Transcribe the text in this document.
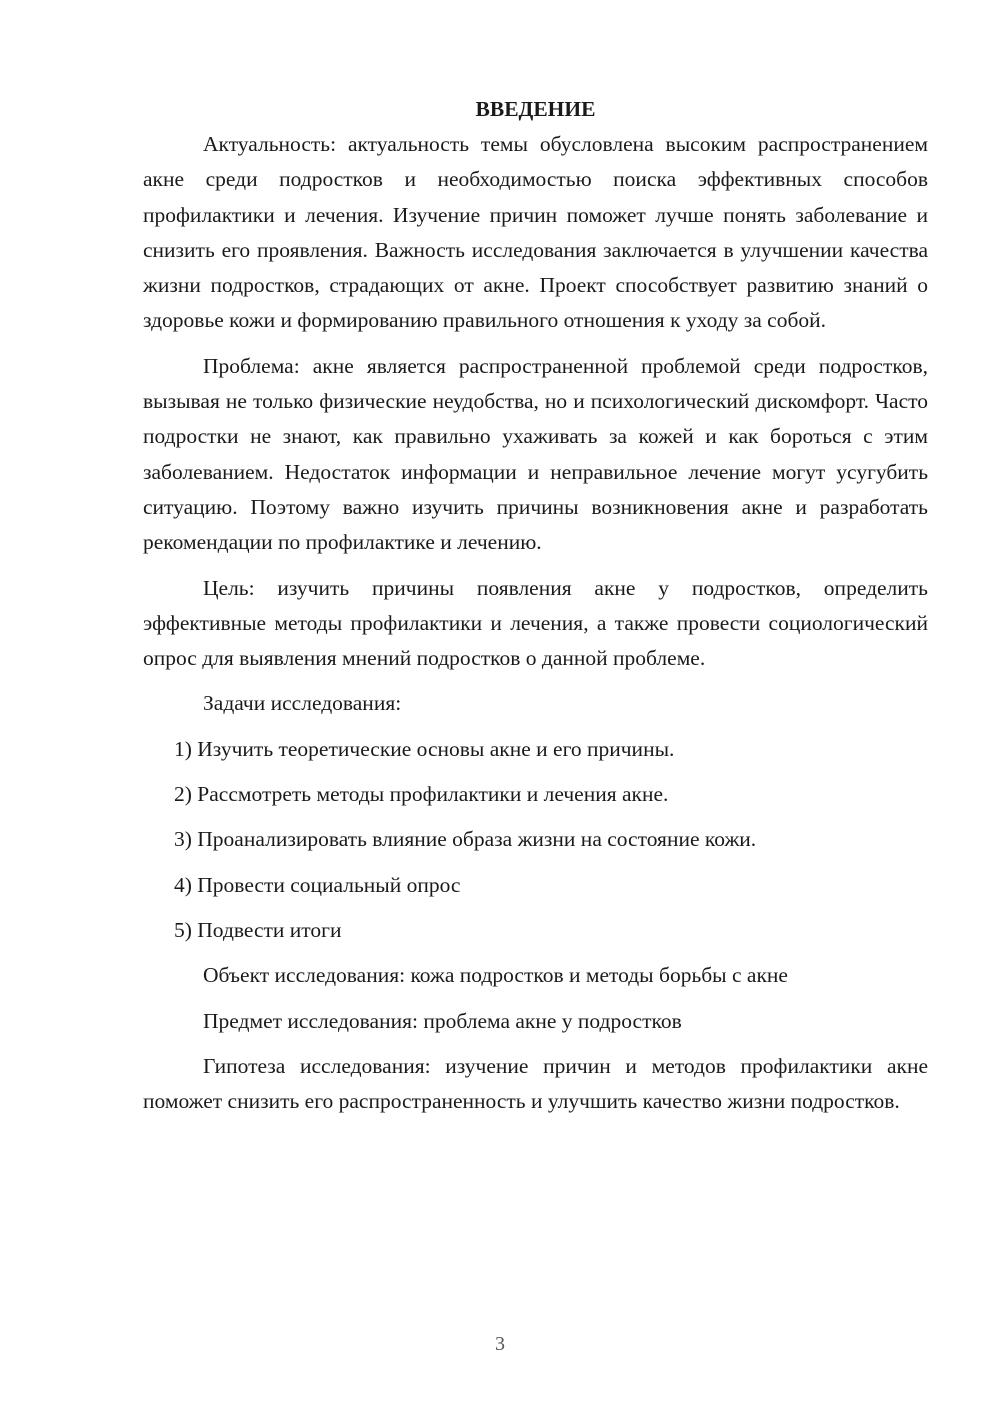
ВВЕДЕНИЕ

Актуальность: актуальность темы обусловлена высоким распространением акне среди подростков и необходимостью поиска эффективных способов профилактики и лечения. Изучение причин поможет лучше понять заболевание и снизить его проявления. Важность исследования заключается в улучшении качества жизни подростков, страдающих от акне. Проект способствует развитию знаний о здоровье кожи и формированию правильного отношения к уходу за собой.

Проблема: акне является распространенной проблемой среди подростков, вызывая не только физические неудобства, но и психологический дискомфорт. Часто подростки не знают, как правильно ухаживать за кожей и как бороться с этим заболеванием. Недостаток информации и неправильное лечение могут усугубить ситуацию. Поэтому важно изучить причины возникновения акне и разработать рекомендации по профилактике и лечению.

Цель: изучить причины появления акне у подростков, определить эффективные методы профилактики и лечения, а также провести социологический опрос для выявления мнений подростков о данной проблеме.

Задачи исследования:

1) Изучить теоретические основы акне и его причины.

2) Рассмотреть методы профилактики и лечения акне.

3) Проанализировать влияние образа жизни на состояние кожи.

4) Провести социальный опрос

5) Подвести итоги

Объект исследования: кожа подростков и методы борьбы с акне

Предмет исследования: проблема акне у подростков

Гипотеза исследования: изучение причин и методов профилактики акне поможет снизить его распространенность и улучшить качество жизни подростков.

3
